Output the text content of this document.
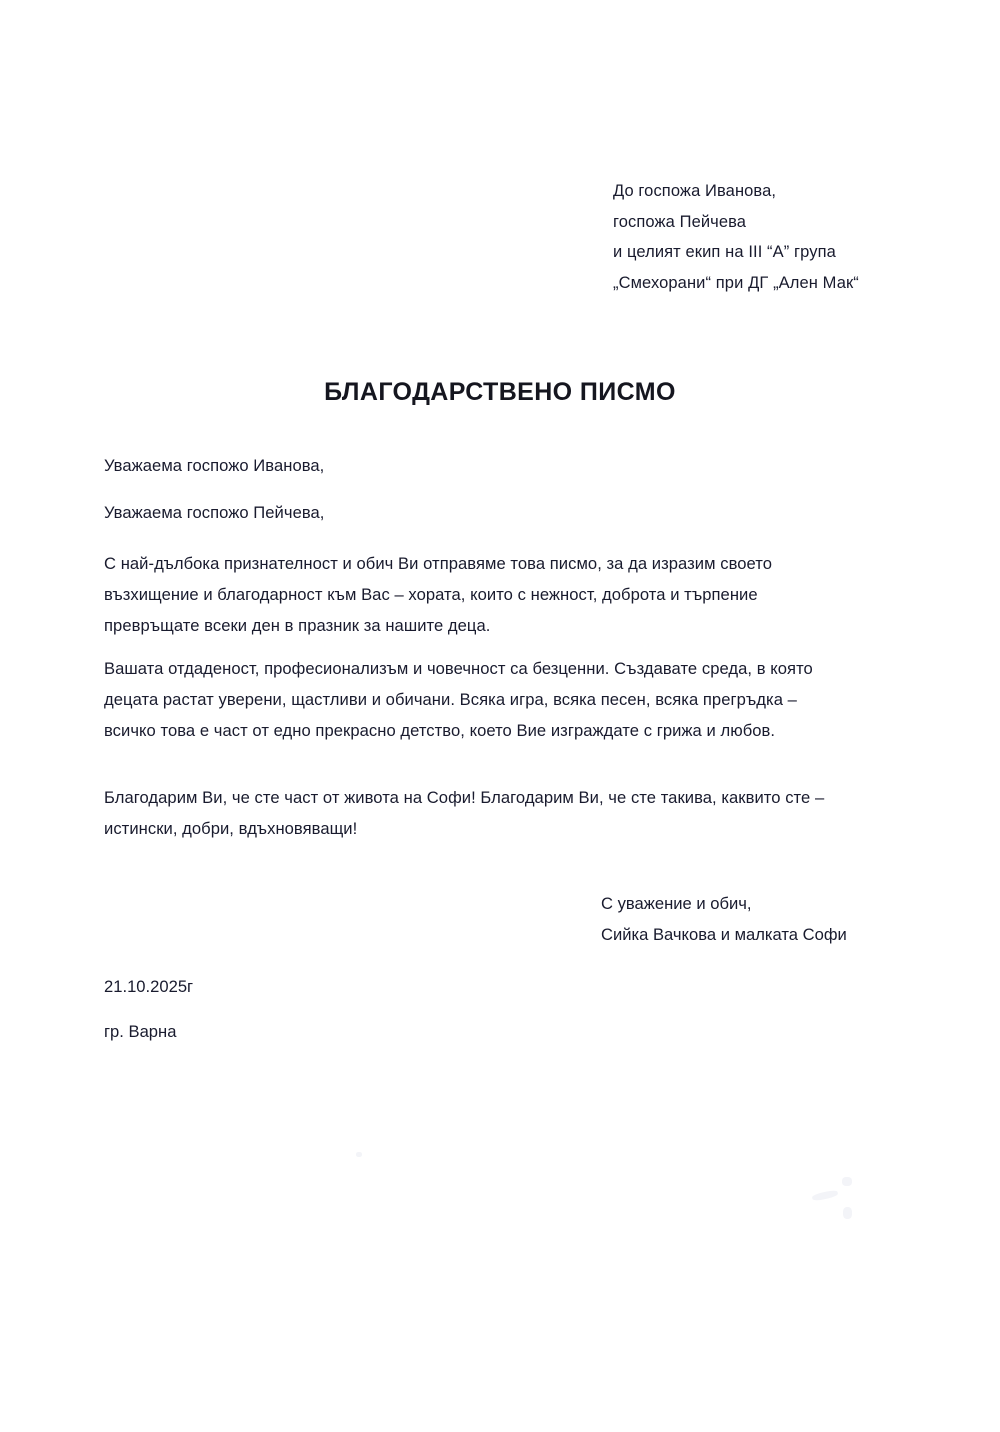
До госпожа Иванова,
госпожа Пейчева
и целият екип на III “А” група
„Смехорани“ при ДГ „Ален Мак“
БЛАГОДАРСТВЕНО ПИСМО

Уважаема госпожо Иванова,

Уважаема госпожо Пейчева,

С най-дълбока признателност и обич Ви отправяме това писмо, за да изразим своето възхищение и благодарност към Вас – хората, които с нежност, доброта и търпение превръщате всеки ден в празник за нашите деца.

Вашата отдаденост, професионализъм и човечност са безценни. Създавате среда, в която децата растат уверени, щастливи и обичани. Всяка игра, всяка песен, всяка прегръдка – всичко това е част от едно прекрасно детство, което Вие изграждате с грижа и любов.

Благодарим Ви, че сте част от живота на Софи! Благодарим Ви, че сте такива, каквито сте – истински, добри, вдъхновяващи!

С уважение и обич,
Сийка Вачкова и малката Софи
21.10.2025г
гр. Варна
